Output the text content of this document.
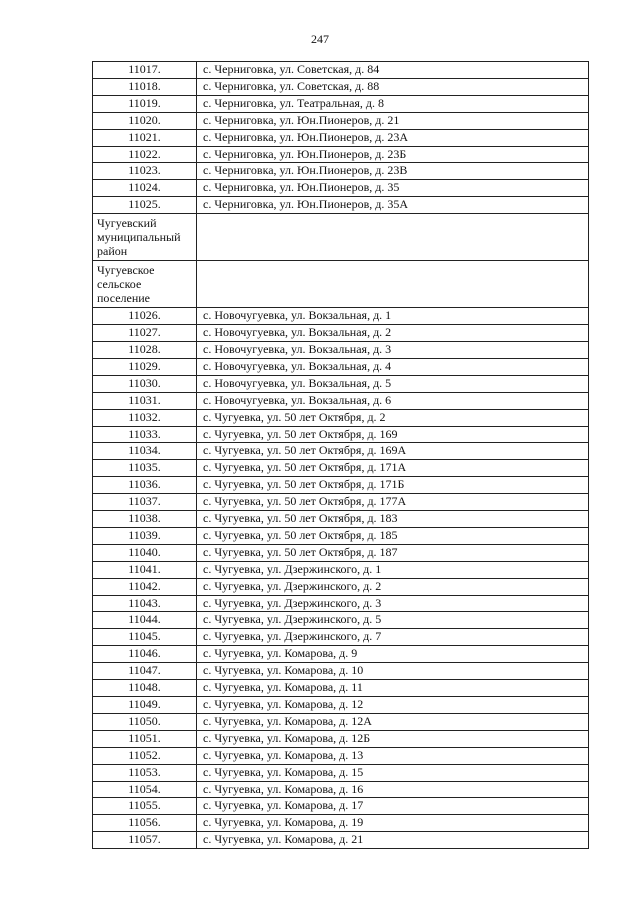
247
11017.	с. Черниговка, ул. Советская, д. 84
11018.	с. Черниговка, ул. Советская, д. 88
11019.	с. Черниговка, ул. Театральная, д. 8
11020.	с. Черниговка, ул. Юн.Пионеров, д. 21
11021.	с. Черниговка, ул. Юн.Пионеров, д. 23А
11022.	с. Черниговка, ул. Юн.Пионеров, д. 23Б
11023.	с. Черниговка, ул. Юн.Пионеров, д. 23В
11024.	с. Черниговка, ул. Юн.Пионеров, д. 35
11025.	с. Черниговка, ул. Юн.Пионеров, д. 35А
Чугуевский муниципальный район	
Чугуевское сельское поселение	
11026.	с. Новочугуевка, ул. Вокзальная, д. 1
11027.	с. Новочугуевка, ул. Вокзальная, д. 2
11028.	с. Новочугуевка, ул. Вокзальная, д. 3
11029.	с. Новочугуевка, ул. Вокзальная, д. 4
11030.	с. Новочугуевка, ул. Вокзальная, д. 5
11031.	с. Новочугуевка, ул. Вокзальная, д. 6
11032.	с. Чугуевка, ул. 50 лет Октября, д. 2
11033.	с. Чугуевка, ул. 50 лет Октября, д. 169
11034.	с. Чугуевка, ул. 50 лет Октября, д. 169А
11035.	с. Чугуевка, ул. 50 лет Октября, д. 171А
11036.	с. Чугуевка, ул. 50 лет Октября, д. 171Б
11037.	с. Чугуевка, ул. 50 лет Октября, д. 177А
11038.	с. Чугуевка, ул. 50 лет Октября, д. 183
11039.	с. Чугуевка, ул. 50 лет Октября, д. 185
11040.	с. Чугуевка, ул. 50 лет Октября, д. 187
11041.	с. Чугуевка, ул. Дзержинского, д. 1
11042.	с. Чугуевка, ул. Дзержинского, д. 2
11043.	с. Чугуевка, ул. Дзержинского, д. 3
11044.	с. Чугуевка, ул. Дзержинского, д. 5
11045.	с. Чугуевка, ул. Дзержинского, д. 7
11046.	с. Чугуевка, ул. Комарова, д. 9
11047.	с. Чугуевка, ул. Комарова, д. 10
11048.	с. Чугуевка, ул. Комарова, д. 11
11049.	с. Чугуевка, ул. Комарова, д. 12
11050.	с. Чугуевка, ул. Комарова, д. 12А
11051.	с. Чугуевка, ул. Комарова, д. 12Б
11052.	с. Чугуевка, ул. Комарова, д. 13
11053.	с. Чугуевка, ул. Комарова, д. 15
11054.	с. Чугуевка, ул. Комарова, д. 16
11055.	с. Чугуевка, ул. Комарова, д. 17
11056.	с. Чугуевка, ул. Комарова, д. 19
11057.	с. Чугуевка, ул. Комарова, д. 21
